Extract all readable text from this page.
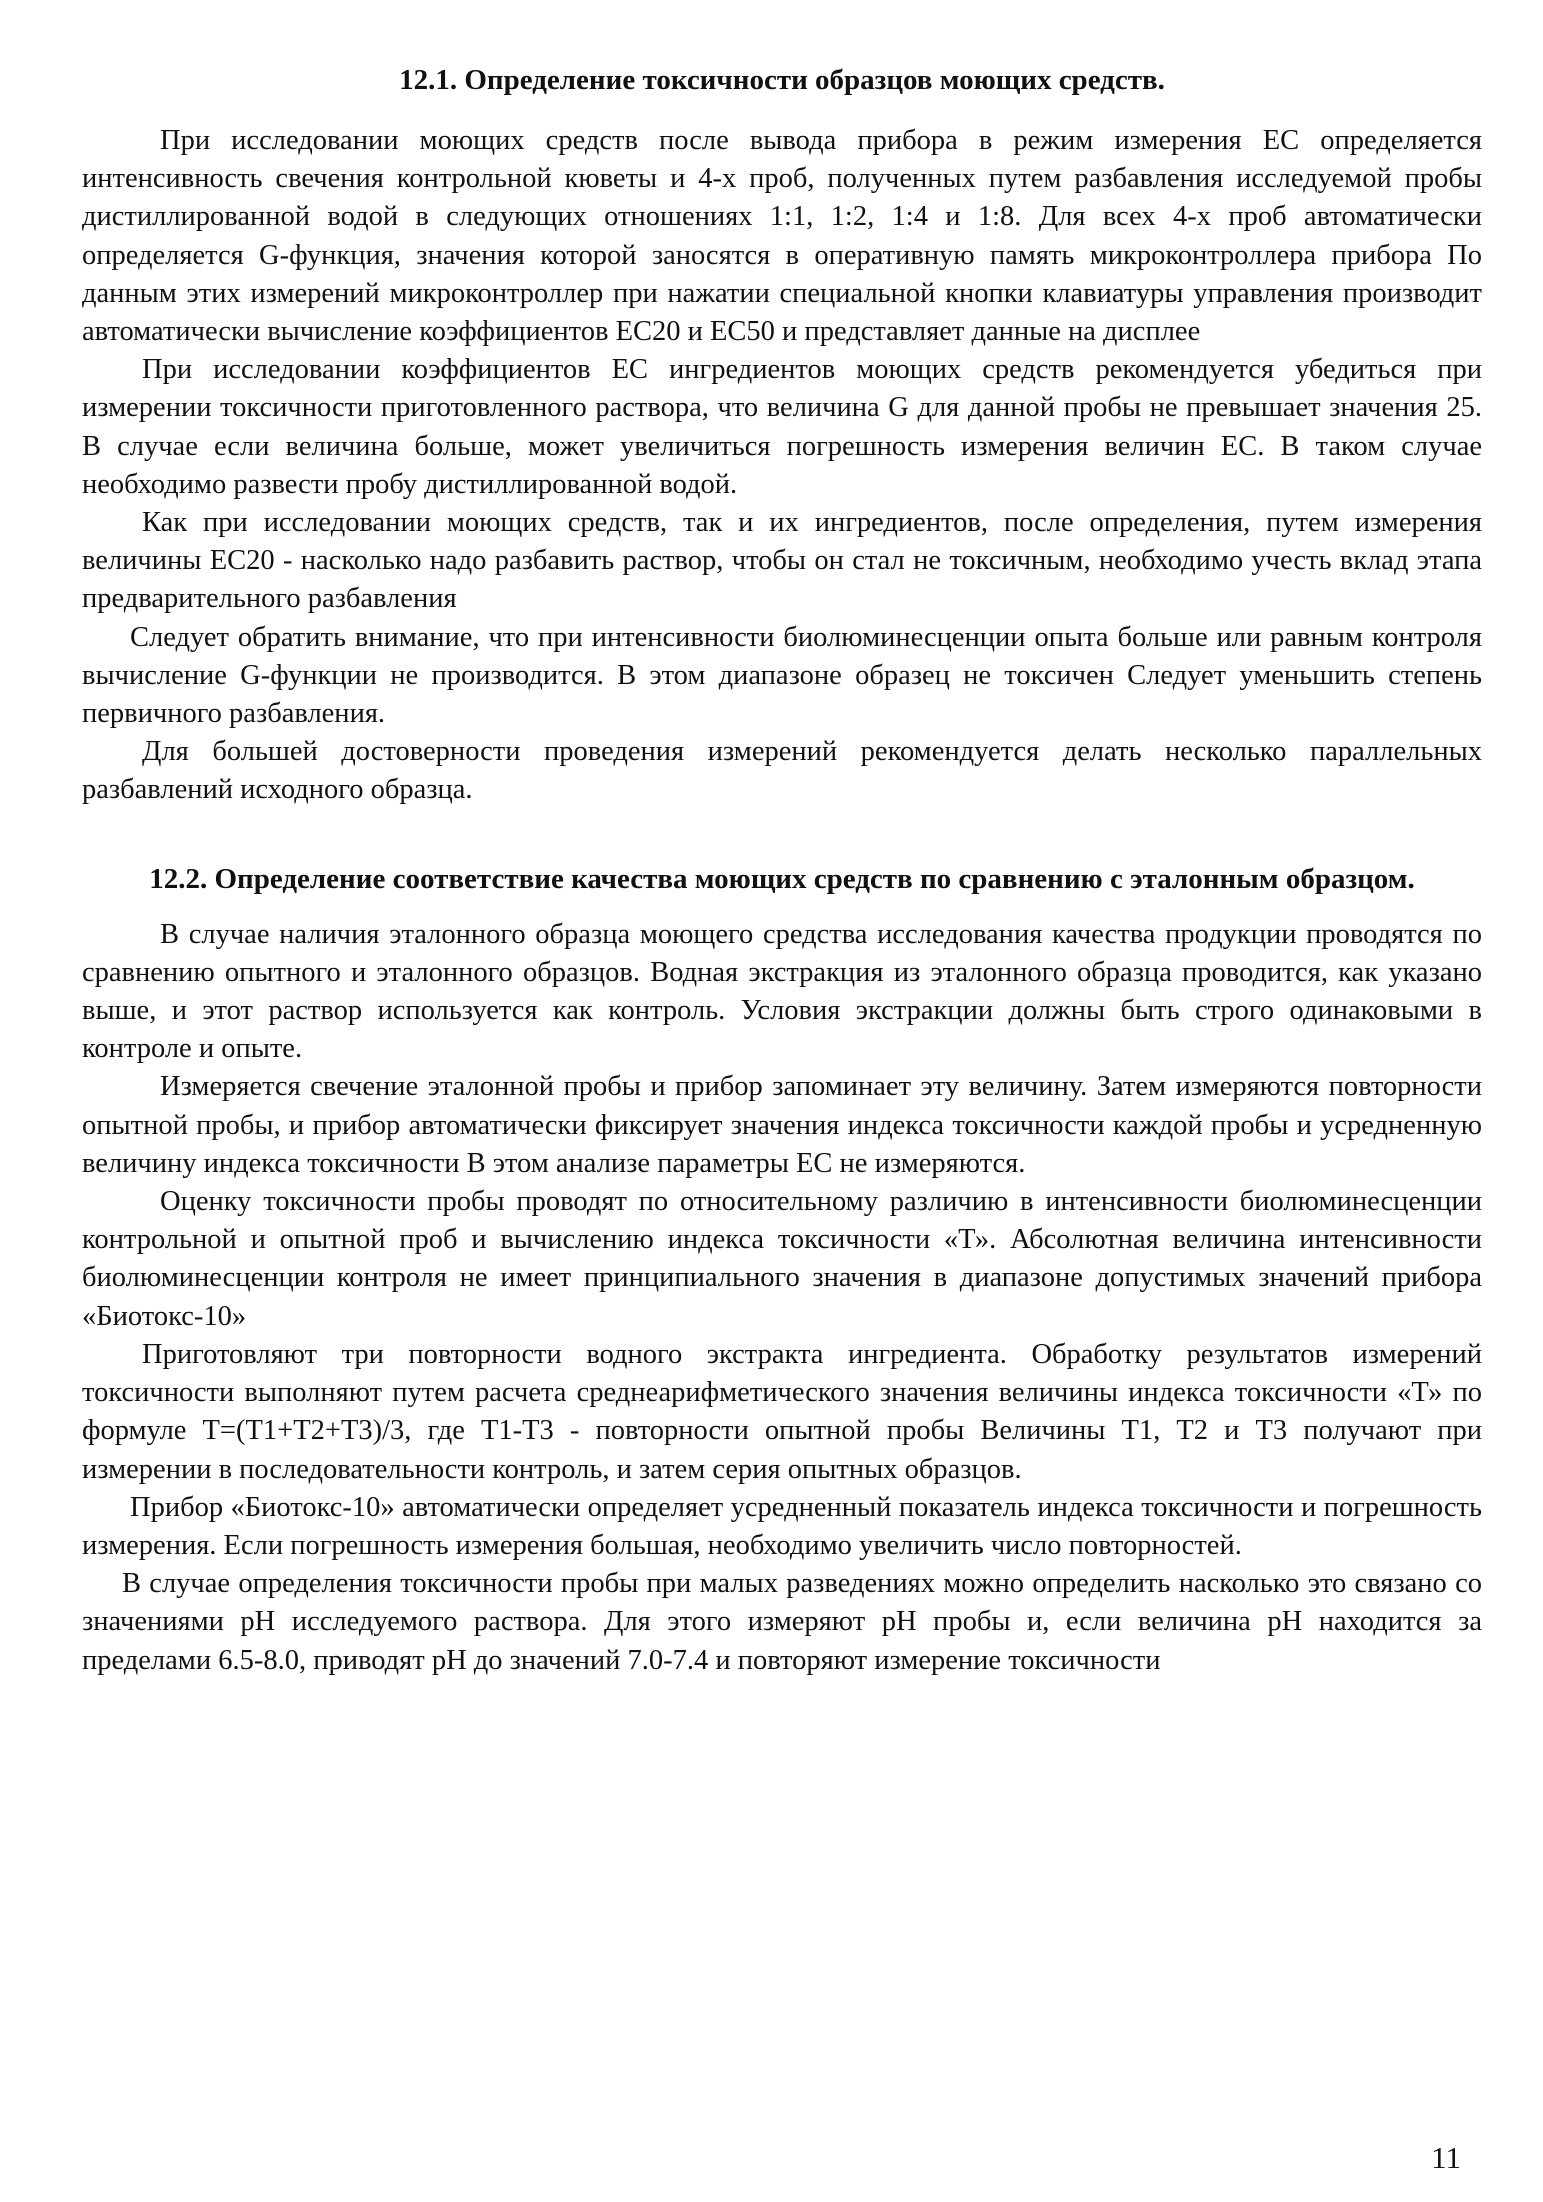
12.1. Определение токсичности образцов моющих средств.

При исследовании моющих средств после вывода прибора в режим измерения ЕС определяется интенсивность свечения контрольной кюветы и 4-х проб, полученных путем разбавления исследуемой пробы дистиллированной водой в следующих отношениях 1:1, 1:2, 1:4 и 1:8. Для всех 4-х проб автоматически определяется G-функция, значения которой заносятся в оперативную память микроконтроллера прибора По данным этих измерений микроконтроллер при нажатии специальной кнопки клавиатуры управления производит автоматически вычисление коэффициентов ЕС20 и ЕС50 и представляет данные на дисплее

При исследовании коэффициентов ЕС ингредиентов моющих средств рекомендуется убедиться при измерении токсичности приготовленного раствора, что величина G для данной пробы не превышает значения 25. В случае если величина больше, может увеличиться погрешность измерения величин ЕС. В таком случае необходимо развести пробу дистиллированной водой.

Как при исследовании моющих средств, так и их ингредиентов, после определения, путем измерения величины ЕС20 - насколько надо разбавить раствор, чтобы он стал не токсичным, необходимо учесть вклад этапа предварительного разбавления

Следует обратить внимание, что при интенсивности биолюминесценции опыта больше или равным контроля вычисление G-функции не производится. В этом диапазоне образец не токсичен Следует уменьшить степень первичного разбавления.

Для большей достоверности проведения измерений рекомендуется делать несколько параллельных разбавлений исходного образца.

12.2. Определение соответствие качества моющих средств по сравнению с эталонным образцом.

В случае наличия эталонного образца моющего средства исследования качества продукции проводятся по сравнению опытного и эталонного образцов. Водная экстракция из эталонного образца проводится, как указано выше, и этот раствор используется как контроль. Условия экстракции должны быть строго одинаковыми в контроле и опыте.

Измеряется свечение эталонной пробы и прибор запоминает эту величину. Затем измеряются повторности опытной пробы, и прибор автоматически фиксирует значения индекса токсичности каждой пробы и усредненную величину индекса токсичности В этом анализе параметры ЕС не измеряются.

Оценку токсичности пробы проводят по относительному различию в интенсивности биолюминесценции контрольной и опытной проб и вычислению индекса токсичности «Т». Абсолютная величина интенсивности биолюминесценции контроля не имеет принципиального значения в диапазоне допустимых значений прибора «Биотокс-10»

Приготовляют три повторности водного экстракта ингредиента. Обработку результатов измерений токсичности выполняют путем расчета среднеарифметического значения величины индекса токсичности «Т» по формуле Т=(Т1+Т2+Т3)/3, где Т1-Т3 - повторности опытной пробы Величины Т1, Т2 и Т3 получают при измерении в последовательности контроль, и затем серия опытных образцов.

Прибор «Биотокс-10» автоматически определяет усредненный показатель индекса токсичности и погрешность измерения. Если погрешность измерения большая, необходимо увеличить число повторностей.

В случае определения токсичности пробы при малых разведениях можно определить насколько это связано со значениями рН исследуемого раствора. Для этого измеряют рН пробы и, если величина рН находится за пределами 6.5-8.0, приводят рН до значений 7.0-7.4 и повторяют измерение токсичности

11
